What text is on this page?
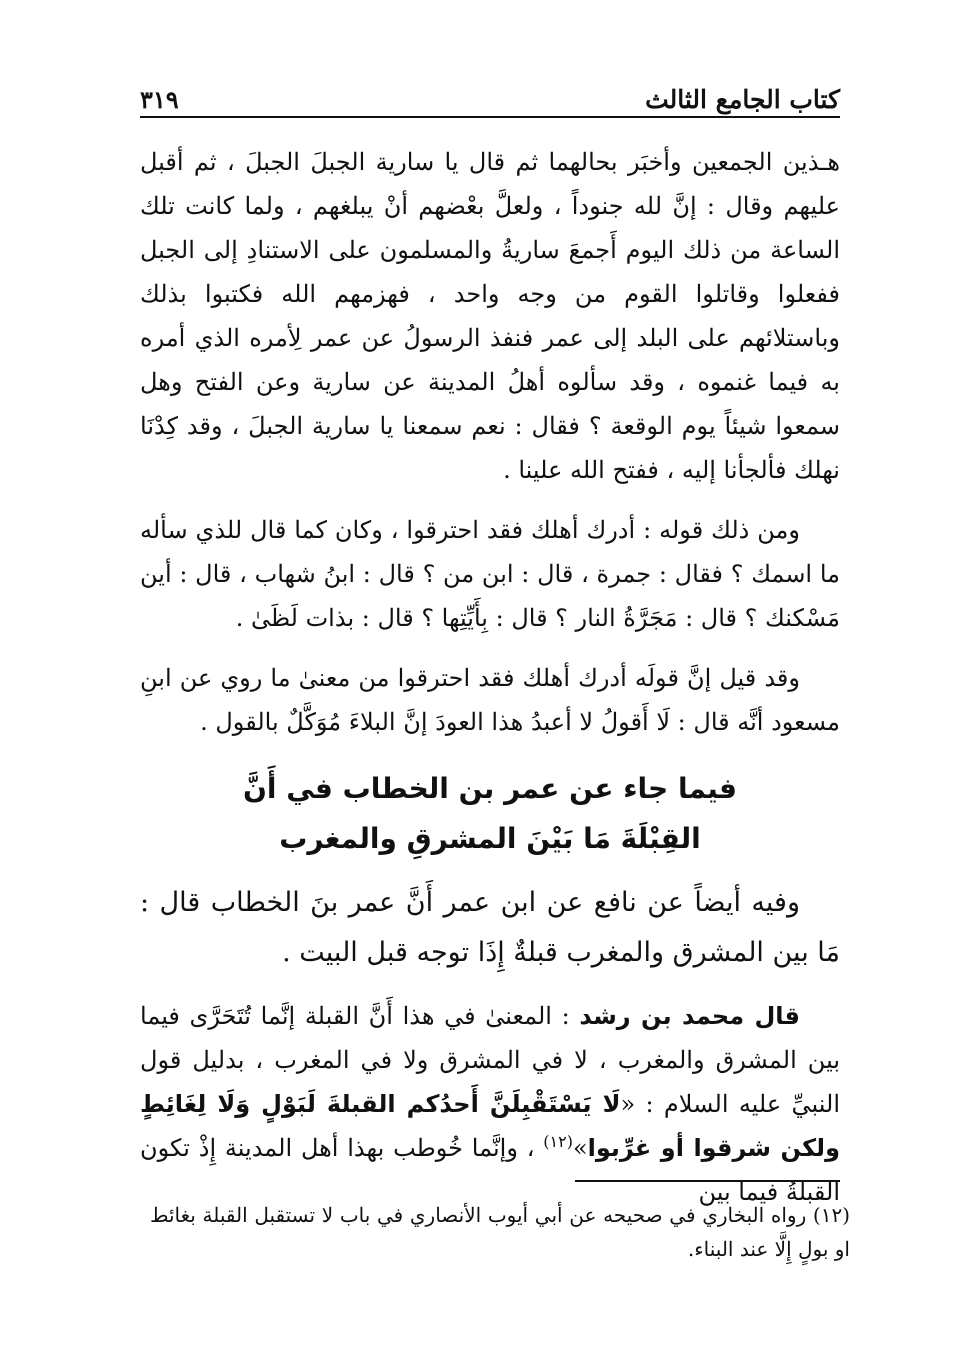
كتاب الجامع الثالث
٣١٩

هـذين الجمعين وأخبَر بحالهما ثم قال يا سارية الجبلَ الجبلَ ، ثم أقبل عليهم وقال : إنَّ لله جنوداً ، ولعلَّ بعْضهم أنْ يبلغهم ، ولما كانت تلك الساعة من ذلك اليوم أَجمعَ ساريةُ والمسلمون على الاستنادِ إلى الجبل ففعلوا وقاتلوا القوم من وجه واحد ، فهزمهم الله فكتبوا بذلك وباستلائهم على البلد إلى عمر فنفذ الرسولُ عن عمر لِأمره الذي أمره به فيما غنموه ، وقد سألوه أهلُ المدينة عن سارية وعن الفتح وهل سمعوا شيئاً يوم الوقعة ؟ فقال : نعم سمعنا يا سارية الجبلَ ، وقد كِدْنَا نهلك فألجأنا إليه ، ففتح الله علينا .

ومن ذلك قوله : أدرك أهلك فقد احترقوا ، وكان كما قال للذي سأله ما اسمك ؟ فقال : جمرة ، قال : ابن من ؟ قال : ابنُ شهاب ، قال : أين مَسْكنك ؟ قال : مَجَرَّةُ النار ؟ قال : بِأَيِّتِها ؟ قال : بذات لَظَىٰ .

وقد قيل إنَّ قولَه أدرك أهلك فقد احترقوا من معنىٰ ما روي عن ابنِ مسعود أنَّه قال : لَا أَقولُ لا أعبدُ هذا العودَ إنَّ البلاءَ مُوَكَّلٌ بالقول .

فيما جاء عن عمر بن الخطاب في أَنَّ
القِبْلَةَ مَا بَيْنَ المشرقِ والمغرب

وفيه أيضاً عن نافع عن ابن عمر أَنَّ عمر بنَ الخطاب قال : مَا بين المشرق والمغرب قبلةٌ إِذَا توجه قبل البيت .

قال محمد بن رشد : المعنىٰ في هذا أَنَّ القبلة إنَّما تُتَحَرَّى فيما بين المشرق والمغرب ، لا في المشرق ولا في المغرب ، بدليل قول النبيِّ عليه السلام : «لَا يَسْتَقْبِلَنَّ أَحدُكم القبلةَ لَبَوْلٍ وَلَا لِغَائِطٍ ولكن شرقوا أو غرِّبوا»$^{(١٢)}$ ، وإنَّما خُوطب بهذا أهل المدينة إِذْ تكون القبلةُ فيما بين

(١٢) رواه البخاري في صحيحه عن أبي أيوب الأنصاري في باب لا تستقبل القبلة بغائط او بولٍ إِلَّا عند البناء.
